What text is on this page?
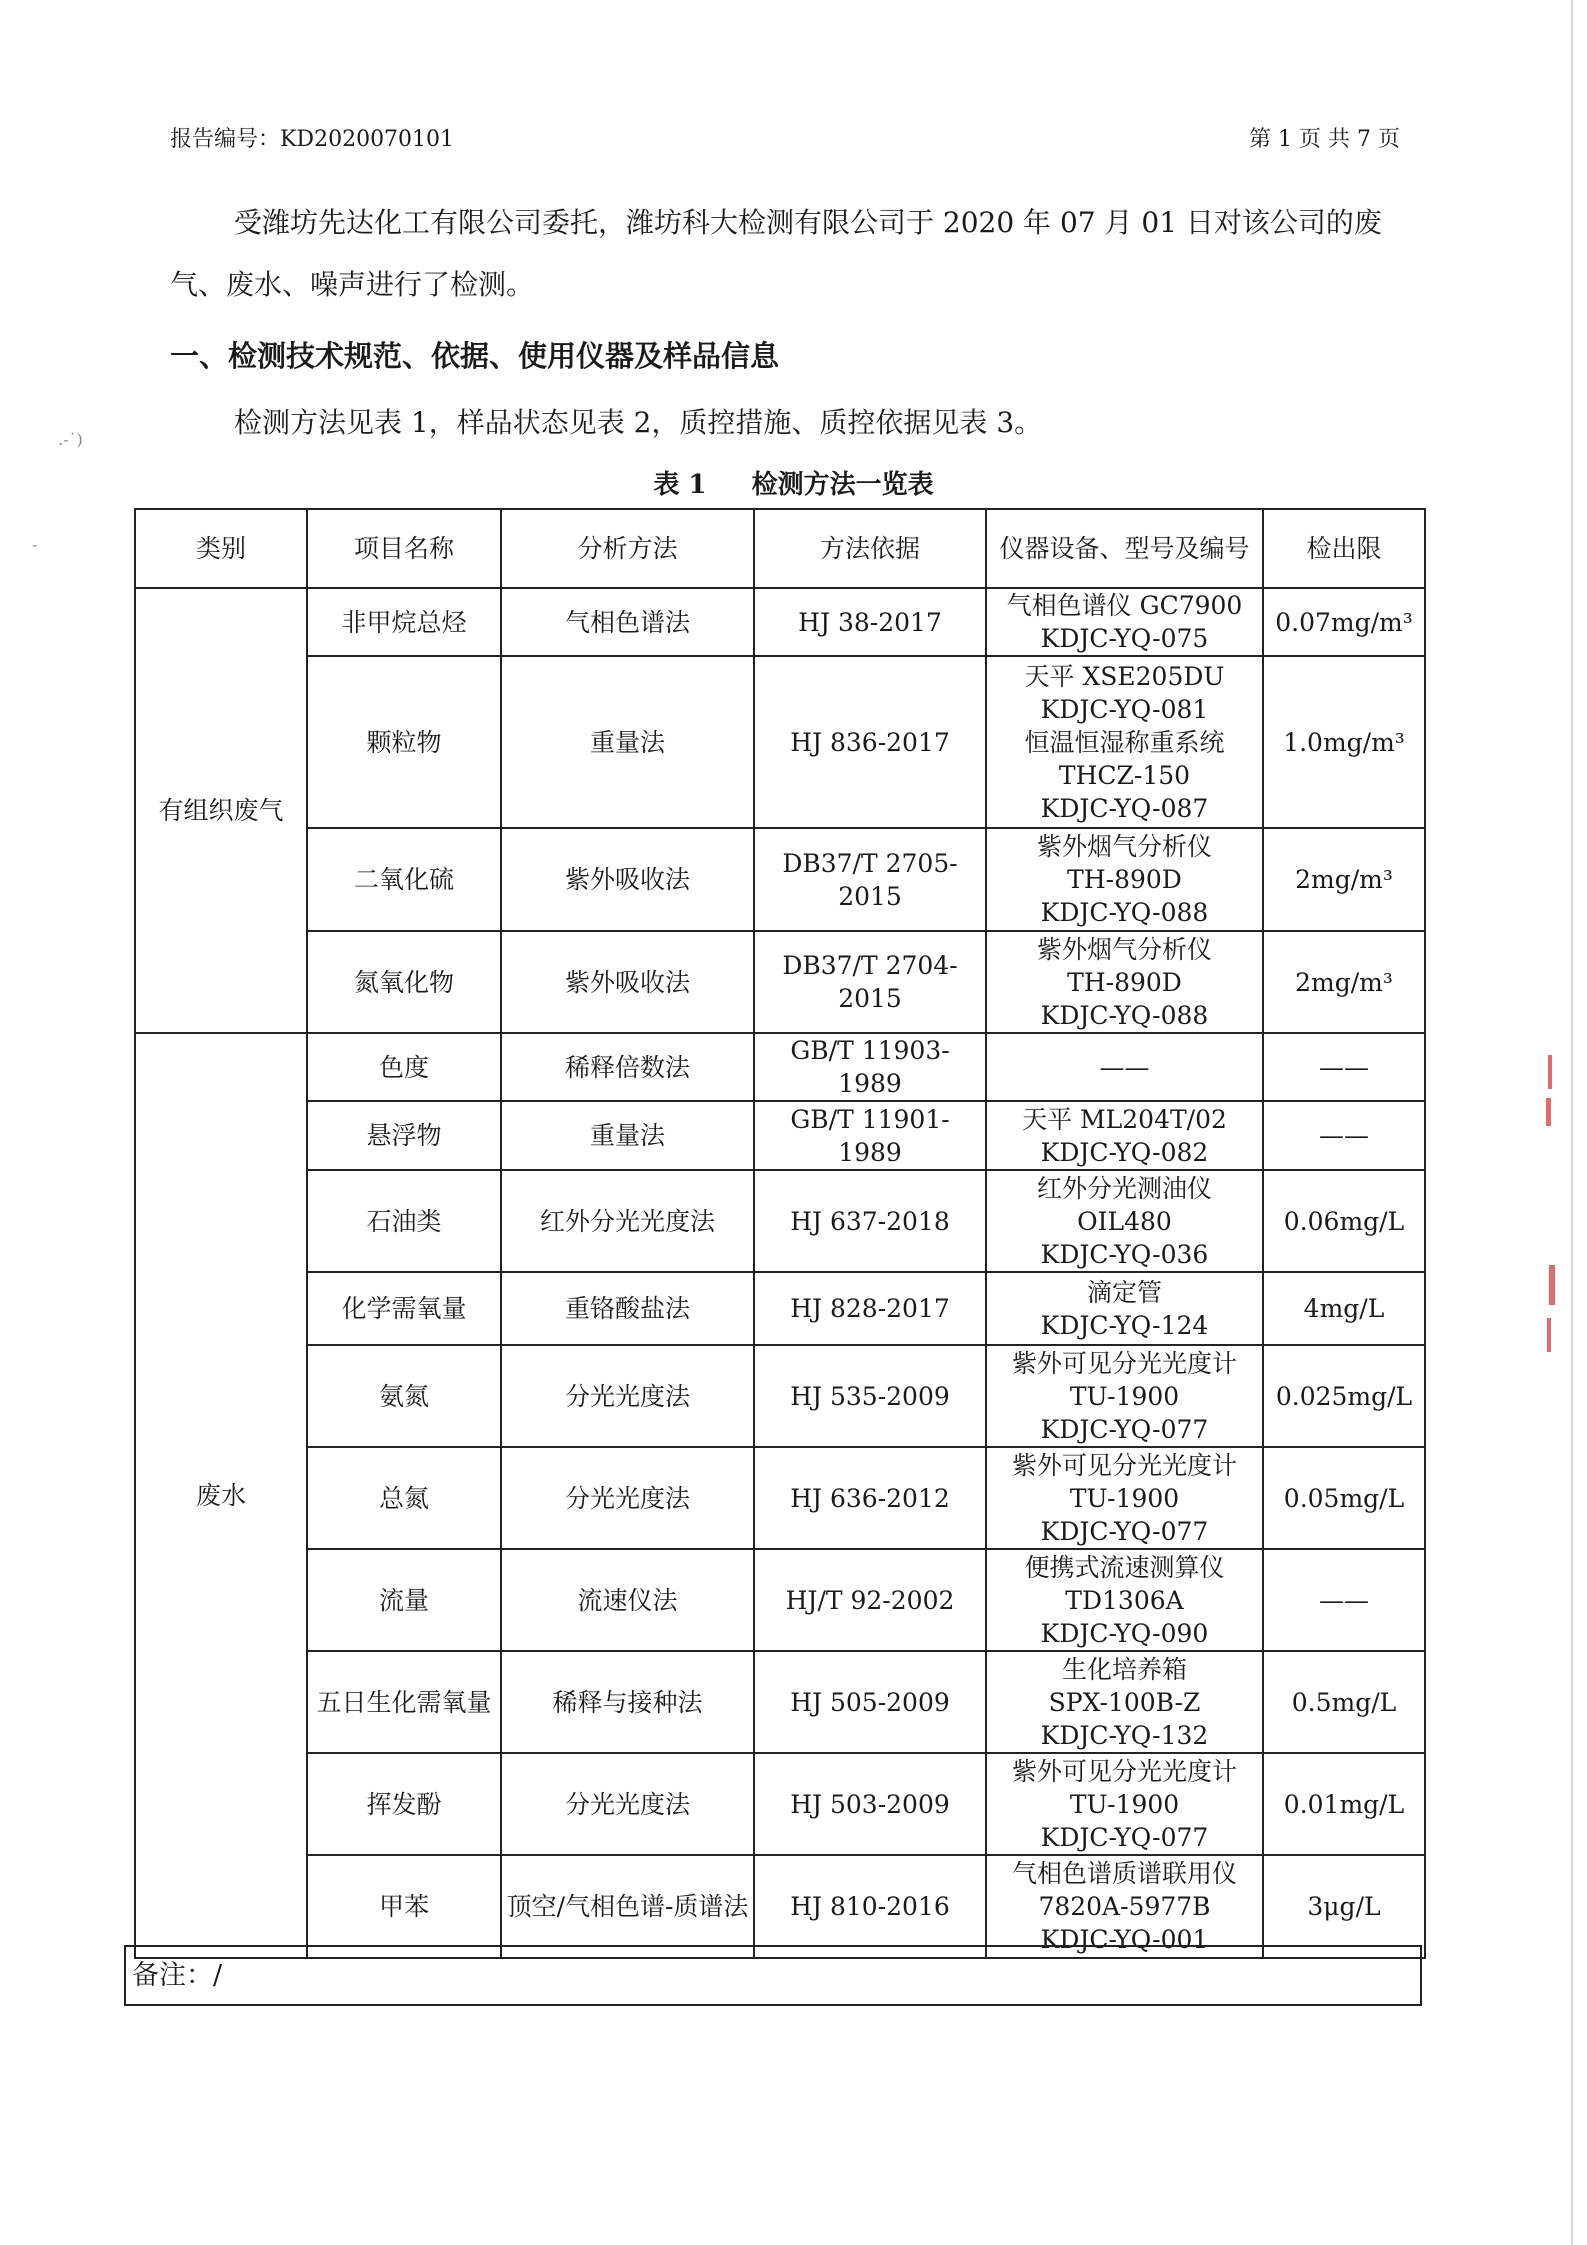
报告编号：KD2020070101	第 1 页 共 7 页
受潍坊先达化工有限公司委托，潍坊科大检测有限公司于 2020 年 07 月 01 日对该公司的废气、废水、噪声进行了检测。
一、检测技术规范、依据、使用仪器及样品信息
检测方法见表 1，样品状态见表 2，质控措施、质控依据见表 3。
表 1 检测方法一览表
类别	项目名称	分析方法	方法依据	仪器设备、型号及编号	检出限
有组织废气	非甲烷总烃	气相色谱法	HJ 38-2017	气相色谱仪 GC7900
KDJC-YQ-075	0.07mg/m³
	颗粒物	重量法	HJ 836-2017	天平 XSE205DU
KDJC-YQ-081
恒温恒湿称重系统
THCZ-150
KDJC-YQ-087	1.0mg/m³
	二氧化硫	紫外吸收法	DB37/T 2705-2015	紫外烟气分析仪
TH-890D
KDJC-YQ-088	2mg/m³
	氮氧化物	紫外吸收法	DB37/T 2704-2015	紫外烟气分析仪
TH-890D
KDJC-YQ-088	2mg/m³
废水	色度	稀释倍数法	GB/T 11903-1989	——	——
	悬浮物	重量法	GB/T 11901-1989	天平 ML204T/02
KDJC-YQ-082	——
	石油类	红外分光光度法	HJ 637-2018	红外分光测油仪
OIL480
KDJC-YQ-036	0.06mg/L
	化学需氧量	重铬酸盐法	HJ 828-2017	滴定管
KDJC-YQ-124	4mg/L
	氨氮	分光光度法	HJ 535-2009	紫外可见分光光度计
TU-1900
KDJC-YQ-077	0.025mg/L
	总氮	分光光度法	HJ 636-2012	紫外可见分光光度计
TU-1900
KDJC-YQ-077	0.05mg/L
	流量	流速仪法	HJ/T 92-2002	便携式流速测算仪
TD1306A
KDJC-YQ-090	——
	五日生化需氧量	稀释与接种法	HJ 505-2009	生化培养箱
SPX-100B-Z
KDJC-YQ-132	0.5mg/L
	挥发酚	分光光度法	HJ 503-2009	紫外可见分光光度计
TU-1900
KDJC-YQ-077	0.01mg/L
	甲苯	顶空/气相色谱-质谱法	HJ 810-2016	气相色谱质谱联用仪
7820A-5977B
KDJC-YQ-001	3μg/L
备注：/
.-˙)
-
